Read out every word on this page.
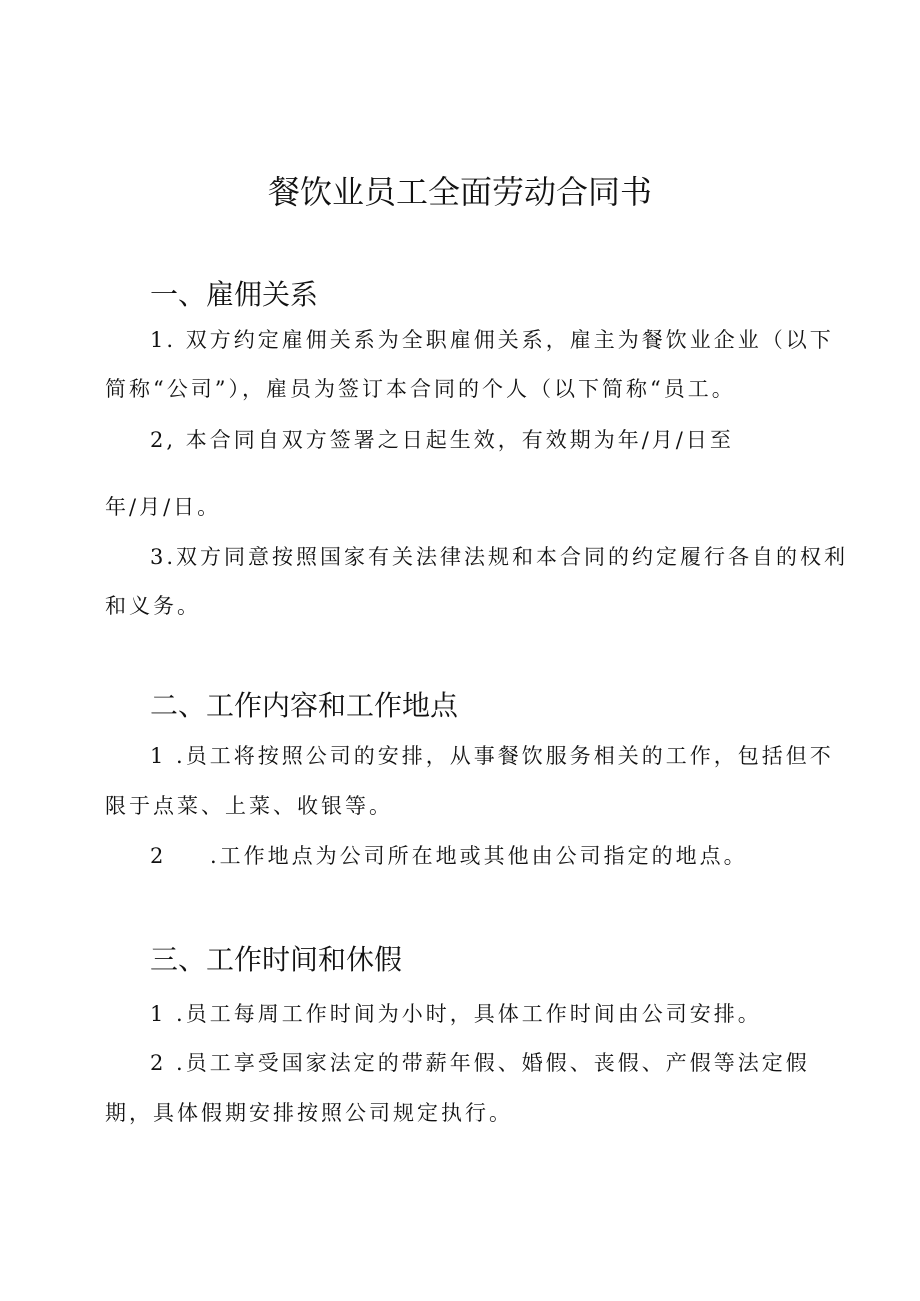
餐饮业员工全面劳动合同书
一、雇佣关系
1. 双方约定雇佣关系为全职雇佣关系，雇主为餐饮业企业（以下
简称“公司”），雇员为签订本合同的个人（以下简称“员工。
2, 本合同自双方签署之日起生效，有效期为年/月/日至
年/月/日。
3.双方同意按照国家有关法律法规和本合同的约定履行各自的权利
和义务。
二、工作内容和工作地点
1 .员工将按照公司的安排，从事餐饮服务相关的工作，包括但不
限于点菜、上菜、收银等。
2 .工作地点为公司所在地或其他由公司指定的地点。
三、工作时间和休假
1 .员工每周工作时间为小时，具体工作时间由公司安排。
2 .员工享受国家法定的带薪年假、婚假、丧假、产假等法定假
期，具体假期安排按照公司规定执行。
